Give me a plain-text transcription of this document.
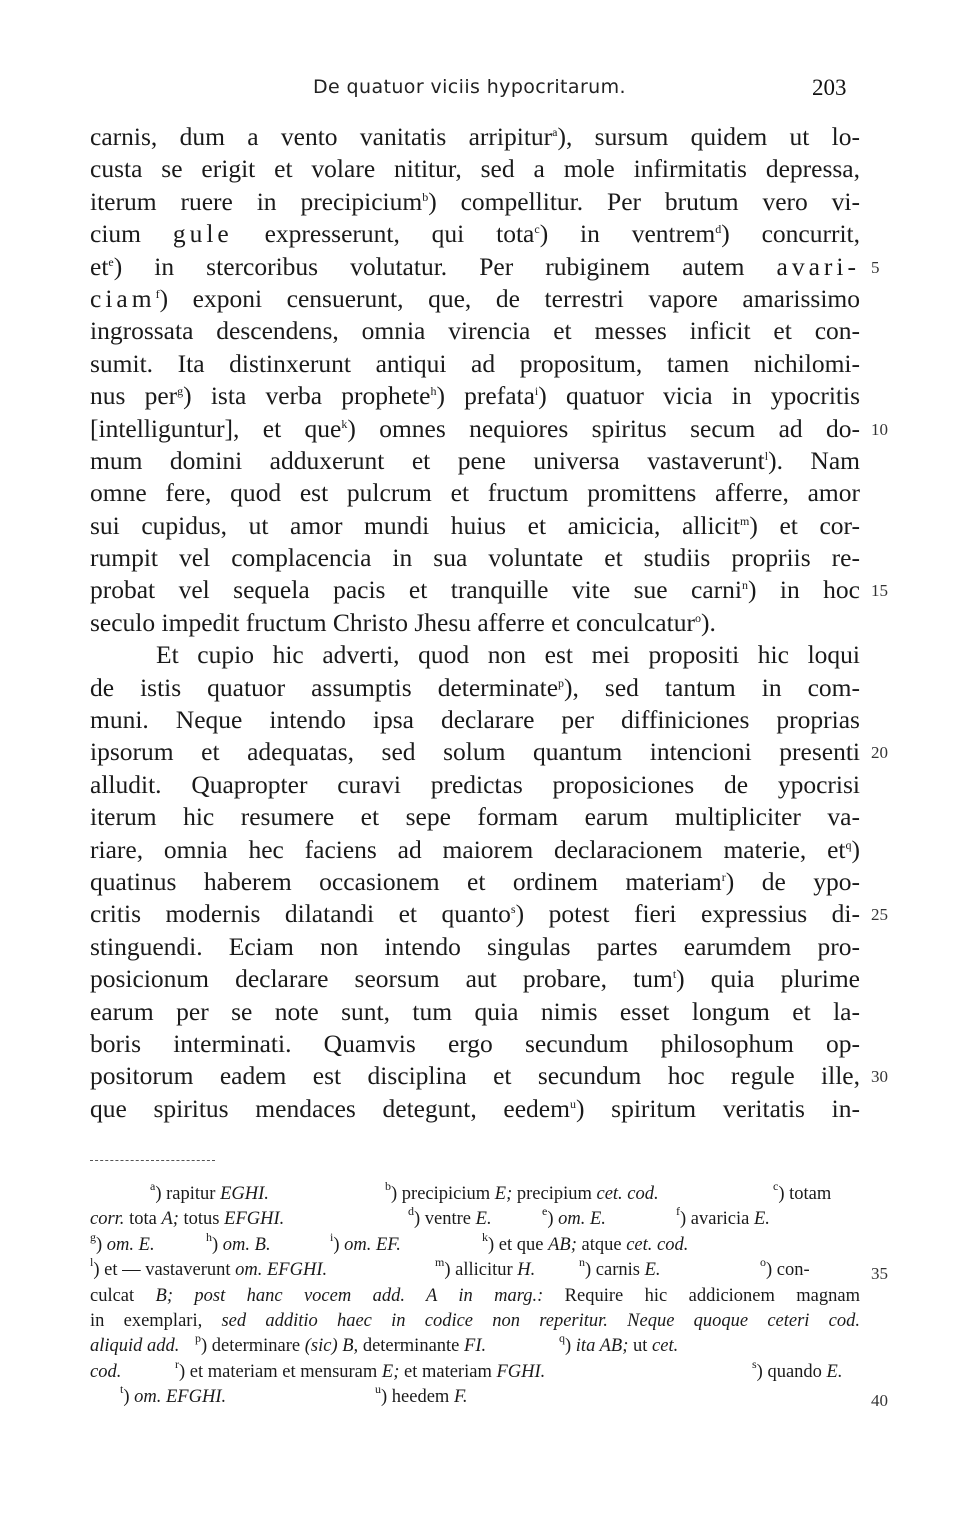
De quatuor viciis hypocritarum.	203
carnis, dum a vento vanitatis arripitur$^a$), sursum quidem ut lo-
custa se erigit et volare nititur, sed a mole infirmitatis depressa,
iterum ruere in precipicium$^b$) compellitur. Per brutum vero vi-
cium gule expresserunt, qui tota$^c$) in ventrem$^d$) concurrit,
$et^e$) in stercoribus volutatur. Per rubiginem autem avari- 5
ciam$^f$) exponi censuerunt, que, de terrestri vapore amarissimo
ingrossata descendens, omnia virencia et messes inficit et con-
sumit. Ita distinxerunt antiqui ad propositum, tamen nichilomi-
nus per$^g$) ista verba prophete$^h$) prefata$^i$) quatuor vicia in ypocritis
[intelliguntur], et que$^k$) omnes nequiores spiritus secum ad do- 10
mum domini adduxerunt et pene universa vastaverunt$^l$). Nam
omne fere, quod est pulcrum et fructum promittens afferre, amor
sui cupidus, ut amor mundi huius et amicicia, allicit$^m$) et cor-
rumpit vel complacencia in sua voluntate et studiis propriis re-
probat vel sequela pacis et tranquille vite sue carni$^n$) in hoc 15
seculo impedit fructum Christo Jhesu afferre et conculcatur$^o$).
Et cupio hic adverti, quod non est mei propositi hic loqui
de istis quatuor assumptis determinate$^p$), sed tantum in com-
muni. Neque intendo ipsa declarare per diffiniciones proprias
ipsorum et adequatas, sed solum quantum intencioni presenti 20
alludit. Quapropter curavi predictas proposiciones de ypocrisi
iterum hic resumere et sepe formam earum multipliciter va-
riare, omnia hec faciens ad maiorem declaracionem materie, $et^q$)
quatinus haberem occasionem et ordinem materiam$^r$) de ypo-
critis modernis dilatandi et quanto$^s$) potest fieri expressius di- 25
stinguendi. Eciam non intendo singulas partes earumdem pro-
posicionum declarare seorsum aut probare, tum$^t$) quia plurime
earum per se note sunt, tum quia nimis esset longum et la-
boris interminati. Quamvis ergo secundum philosophum op-
positorum eadem est disciplina et secundum hoc regule ille, 30
que spiritus mendaces detegunt, eedem$^u$) spiritum veritatis in-
$^a$) rapitur EGHI.	$^b$) precipicium E; precipium cet. cod.	$^c$) totam
corr. tota A; totus EFGHI.	$^d$) ventre E.	$^e$) om. E.	$^f$) avaricia E.
$^g$) om. E.	$^h$) om. B.	$^i$) om. EF.	$^k$) et que AB; atque cet. cod.
$^l$) et — vastaverunt om. EFGHI.	$^m$) allicitur H.	$^n$) carnis E.	$^o$) con-	35
culcat B; post hanc vocem add. A in marg.: Require hic addicionem magnam
in exemplari, sed additio haec in codice non reperitur. Neque quoque ceteri cod.
aliquid add. $^p$) determinare (sic) B, determinante FI.	$^q$) ita AB; ut cet.
cod.	$^r$) et materiam et mensuram E; et materiam FGHI.	$^s$) quando E.
$^t$) om. EFGHI.	$^u$) heedem F.	40
